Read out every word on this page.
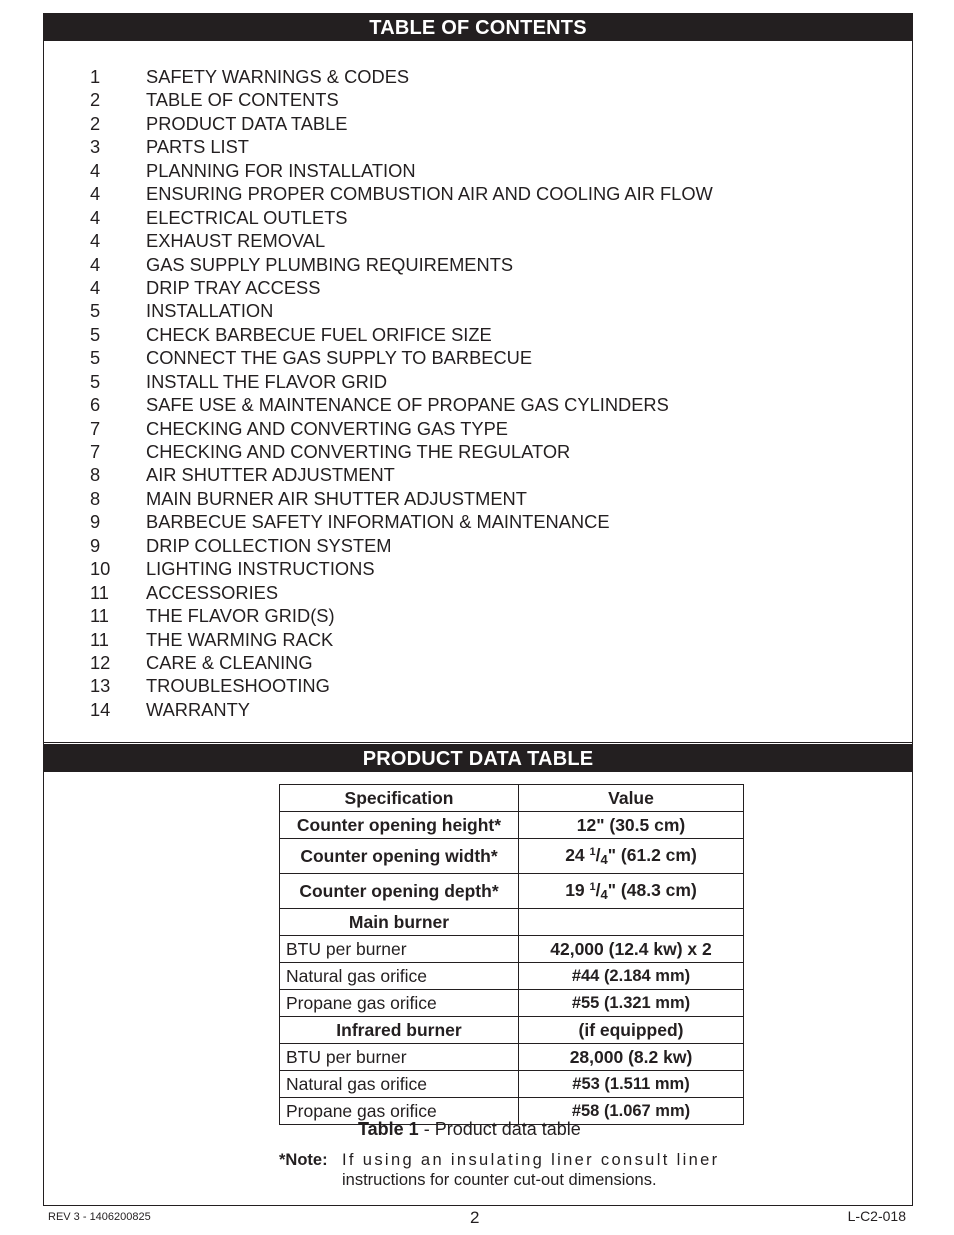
TABLE OF CONTENTS
1	SAFETY WARNINGS & CODES
2	TABLE OF CONTENTS
2	PRODUCT DATA TABLE
3	PARTS LIST
4	PLANNING FOR INSTALLATION
4	ENSURING PROPER COMBUSTION AIR AND COOLING AIR FLOW
4	ELECTRICAL OUTLETS
4	EXHAUST REMOVAL
4	GAS SUPPLY PLUMBING REQUIREMENTS
4	DRIP TRAY ACCESS
5	INSTALLATION
5	CHECK BARBECUE FUEL ORIFICE SIZE
5	CONNECT THE GAS SUPPLY TO BARBECUE
5	INSTALL THE FLAVOR GRID
6	SAFE USE & MAINTENANCE OF PROPANE GAS CYLINDERS
7	CHECKING AND CONVERTING GAS TYPE
7	CHECKING AND CONVERTING THE REGULATOR
8	AIR SHUTTER ADJUSTMENT
8	MAIN BURNER AIR SHUTTER ADJUSTMENT
9	BARBECUE SAFETY INFORMATION & MAINTENANCE
9	DRIP COLLECTION SYSTEM
10 LIGHTING INSTRUCTIONS
11 ACCESSORIES
11 THE FLAVOR GRID(S)
11 THE WARMING RACK
12 CARE & CLEANING
13 TROUBLESHOOTING
14 WARRANTY
PRODUCT DATA TABLE
Specification	Value
Counter opening height*	12" (30.5 cm)
Counter opening width*	24 $^1/_4$" (61.2 cm)
Counter opening depth*	19 $^1/_4$" (48.3 cm)
Main burner	
BTU per burner	42,000 (12.4 kw) x 2
Natural gas orifice	#44 (2.184 mm)
Propane gas orifice	#55 (1.321 mm)
Infrared burner	(if equipped)
BTU per burner	28,000 (8.2 kw)
Natural gas orifice	#53 (1.511 mm)
Propane gas orifice	#58 (1.067 mm)
Table 1 - Product data table
*Note: If using an insulating liner consult liner
instructions for counter cut-out dimensions.
REV 3 - 1406200825	2	L-C2-018
